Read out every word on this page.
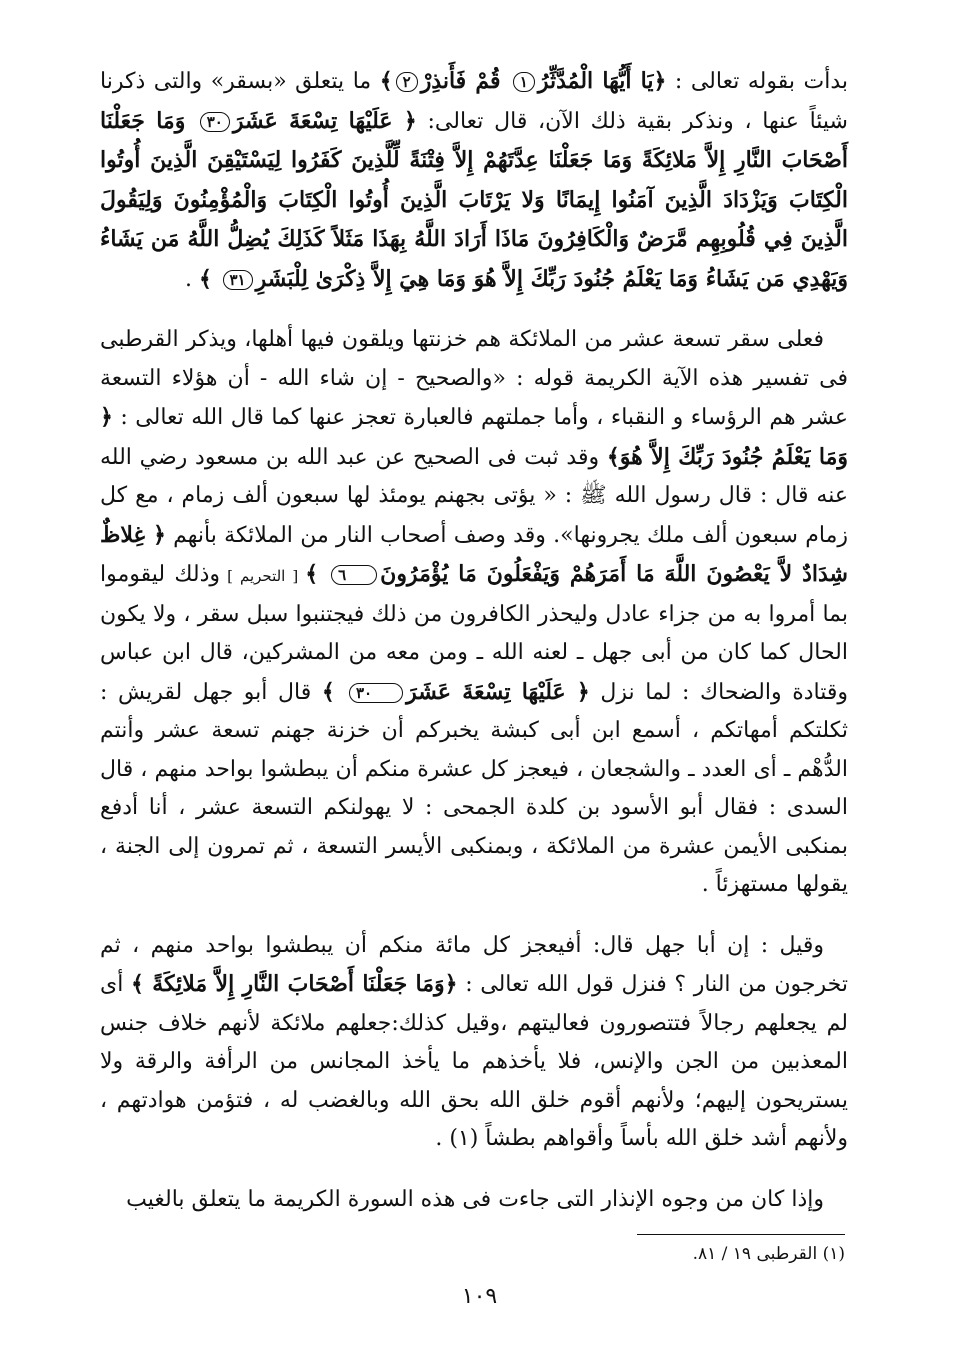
بدأت بقوله تعالى : ﴿يَا أَيُّهَا الْمُدَّثِّرُ١ قُمْ فَأَنذِرْ٢﴾ ما يتعلق «بسقر» والتى ذكرنا شيئاً عنها ، ونذكر بقية ذلك الآن، قال تعالى: ﴿ عَلَيْهَا تِسْعَةَ عَشَرَ٣٠ وَمَا جَعَلْنَا أَصْحَابَ النَّارِ إِلاَّ مَلائِكَةً وَمَا جَعَلْنَا عِدَّتَهُمْ إِلاَّ فِتْنَةً لِّلَّذِينَ كَفَرُوا لِيَسْتَيْقِنَ الَّذِينَ أُوتُوا الْكِتَابَ وَيَزْدَادَ الَّذِينَ آمَنُوا إِيمَانًا وَلا يَرْتَابَ الَّذِينَ أُوتُوا الْكِتَابَ وَالْمُؤْمِنُونَ وَلِيَقُولَ الَّذِينَ فِي قُلُوبِهِم مَّرَضٌ وَالْكَافِرُونَ مَاذَا أَرَادَ اللَّهُ بِهَذَا مَثَلاً كَذَلِكَ يُضِلُّ اللَّهُ مَن يَشَاءُ وَيَهْدِي مَن يَشَاءُ وَمَا يَعْلَمُ جُنُودَ رَبِّكَ إِلاَّ هُوَ وَمَا هِيَ إِلاَّ ذِكْرَىٰ لِلْبَشَرِ٣١ ﴾ .

فعلى سقر تسعة عشر من الملائكة هم خزنتها ويلقون فيها أهلها، ويذكر القرطبى فى تفسير هذه الآية الكريمة قوله : «والصحيح - إن شاء الله - أن هؤلاء التسعة عشر هم الرؤساء و النقباء ، وأما جملتهم فالعبارة تعجز عنها كما قال الله تعالى : ﴿ وَمَا يَعْلَمُ جُنُودَ رَبِّكَ إِلاَّ هُوَ﴾ وقد ثبت فى الصحيح عن عبد الله بن مسعود رضي الله عنه قال : قال رسول الله ﷺ : « يؤتى بجهنم يومئذ لها سبعون ألف زمام ، مع كل زمام سبعون ألف ملك يجرونها». وقد وصف أصحاب النار من الملائكة بأنهم ﴿ غِلاظٌ شِدَادٌ لاَّ يَعْصُونَ اللَّهَ مَا أَمَرَهُمْ وَيَفْعَلُونَ مَا يُؤْمَرُونَ٦ ﴾ [ التحريم ] وذلك ليقوموا بما أمروا به من جزاء عادل وليحذر الكافرون من ذلك فيجتنبوا سبل سقر ، ولا يكون الحال كما كان من أبى جهل ـ لعنه الله ـ ومن معه من المشركين، قال ابن عباس وقتادة والضحاك : لما نزل ﴿ عَلَيْهَا تِسْعَةَ عَشَرَ٣٠ ﴾ قال أبو جهل لقريش : ثكلتكم أمهاتكم ، أسمع ابن أبى كبشة يخبركم أن خزنة جهنم تسعة عشر وأنتم الدُّهْم ـ أى العدد ـ والشجعان ، فيعجز كل عشرة منكم أن يبطشوا بواحد منهم ، قال السدى : فقال أبو الأسود بن كلدة الجمحى : لا يهولنكم التسعة عشر ، أنا أدفع بمنكبى الأيمن عشرة من الملائكة ، وبمنكبى الأيسر التسعة ، ثم تمرون إلى الجنة ، يقولها مستهزئاً .

وقيل : إن أبا جهل قال: أفيعجز كل مائة منكم أن يبطشوا بواحد منهم ، ثم تخرجون من النار ؟ فنزل قول الله تعالى : ﴿وَمَا جَعَلْنَا أَصْحَابَ النَّارِ إِلاَّ مَلائِكَةً ﴾ أى لم يجعلهم رجالاً فتتصورون فعاليتهم ،وقيل كذلك:جعلهم ملائكة لأنهم خلاف جنس المعذبين من الجن والإنس، فلا يأخذهم ما يأخذ المجانس من الرأفة والرقة ولا يستريحون إليهم؛ ولأنهم أقوم خلق الله بحق الله وبالغضب له ، فتؤمن هوادتهم ، ولأنهم أشد خلق الله بأساً وأقواهم بطشاً (١) .

وإذا كان من وجوه الإنذار التى جاءت فى هذه السورة الكريمة ما يتعلق بالغيب

(١) القرطبى ١٩ / ٨١.
١٠٩
